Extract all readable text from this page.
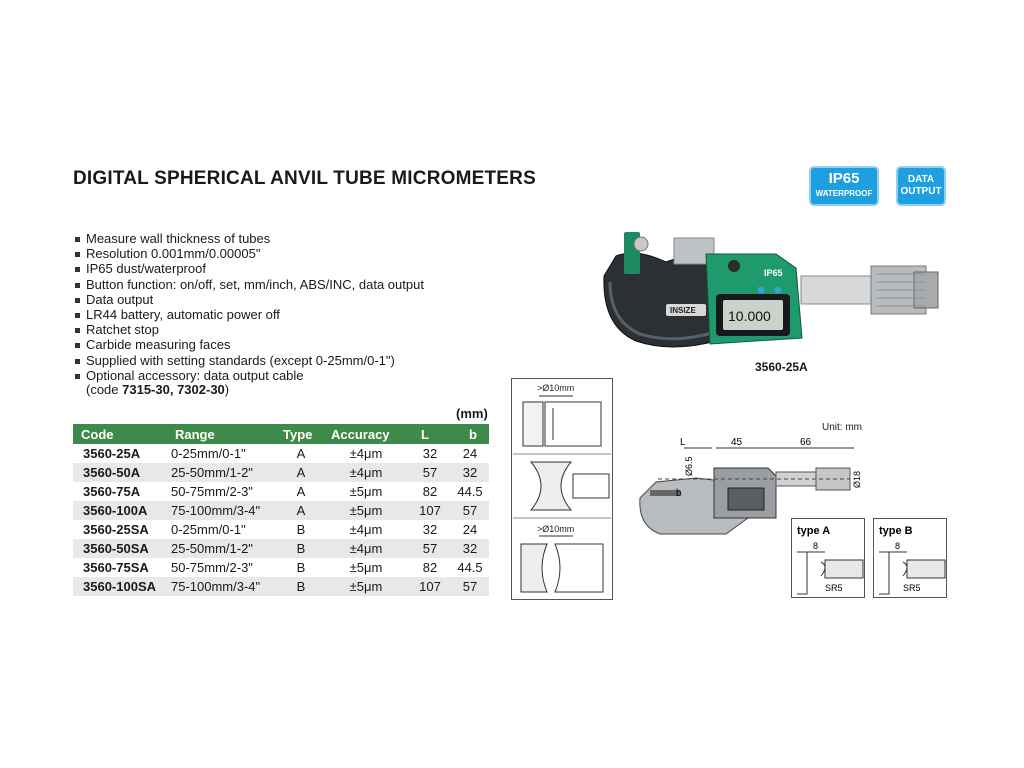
DIGITAL SPHERICAL ANVIL TUBE MICROMETERS	IP65
WATERPROOF
DATA
OUTPUT
Measure wall thickness of tubes
Resolution 0.001mm/0.00005"
IP65 dust/waterproof
Button function: on/off, set, mm/inch, ABS/INC, data output
Data output
LR44 battery, automatic power off
Ratchet stop
Carbide measuring faces
Supplied with setting standards (except 0-25mm/0-1")
Optional accessory: data output cable
(code 7315-30, 7302-30)
(mm)
Code	Range	Type	Accuracy	L	b
3560-25A	0-25mm/0-1"	A	±4μm	32	24
3560-50A	25-50mm/1-2"	A	±4μm	57	32
3560-75A	50-75mm/2-3"	A	±5μm	82	44.5
3560-100A	75-100mm/3-4"	A	±5μm	107	57
3560-25SA	0-25mm/0-1"	B	±4μm	32	24
3560-50SA	25-50mm/1-2"	B	±4μm	57	32
3560-75SA	50-75mm/2-3"	B	±5μm	82	44.5
3560-100SA	75-100mm/3-4"	B	±5μm	107	57
INSIZE
IP65
10.000
3560-25A
>Ø10mm
>Ø10mm
Unit: mm
L	45	66
Ø6.5
b
Ø18
type A
8
SR5
type B
8
SR5
